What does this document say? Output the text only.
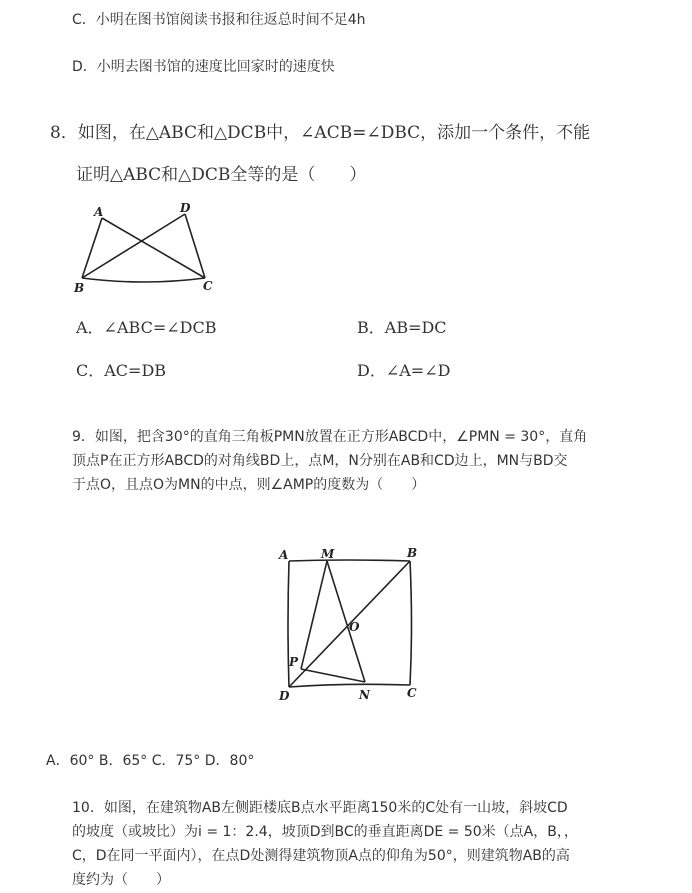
C．小明在图书馆阅读书报和往返总时间不足4h
D．小明去图书馆的速度比回家时的速度快
8．如图，在△ABC和△DCB中，∠ACB=∠DBC，添加一个条件，不能
证明△ABC和△DCB全等的是（　　）
A	D
B	C
A．∠ABC=∠DCB	B．AB=DC
C．AC=DB	D．∠A=∠D
9．如图，把含30°的直角三角板PMN放置在正方形ABCD中，∠PMN = 30°，直角
顶点P在正方形ABCD的对角线BD上，点M，N分别在AB和CD边上，MN与BD交
于点O，且点O为MN的中点，则∠AMP的度数为（　　）
A	M	B
O
P
D	N	C
A．60° B．65° C．75° D．80°
10．如图，在建筑物AB左侧距楼底B点水平距离150米的C处有一山坡，斜坡CD
的坡度（或坡比）为i = 1：2.4，坡顶D到BC的垂直距离DE = 50米（点A，B，，
C，D在同一平面内），在点D处测得建筑物顶A点的仰角为50°，则建筑物AB的高
度约为（　　）
